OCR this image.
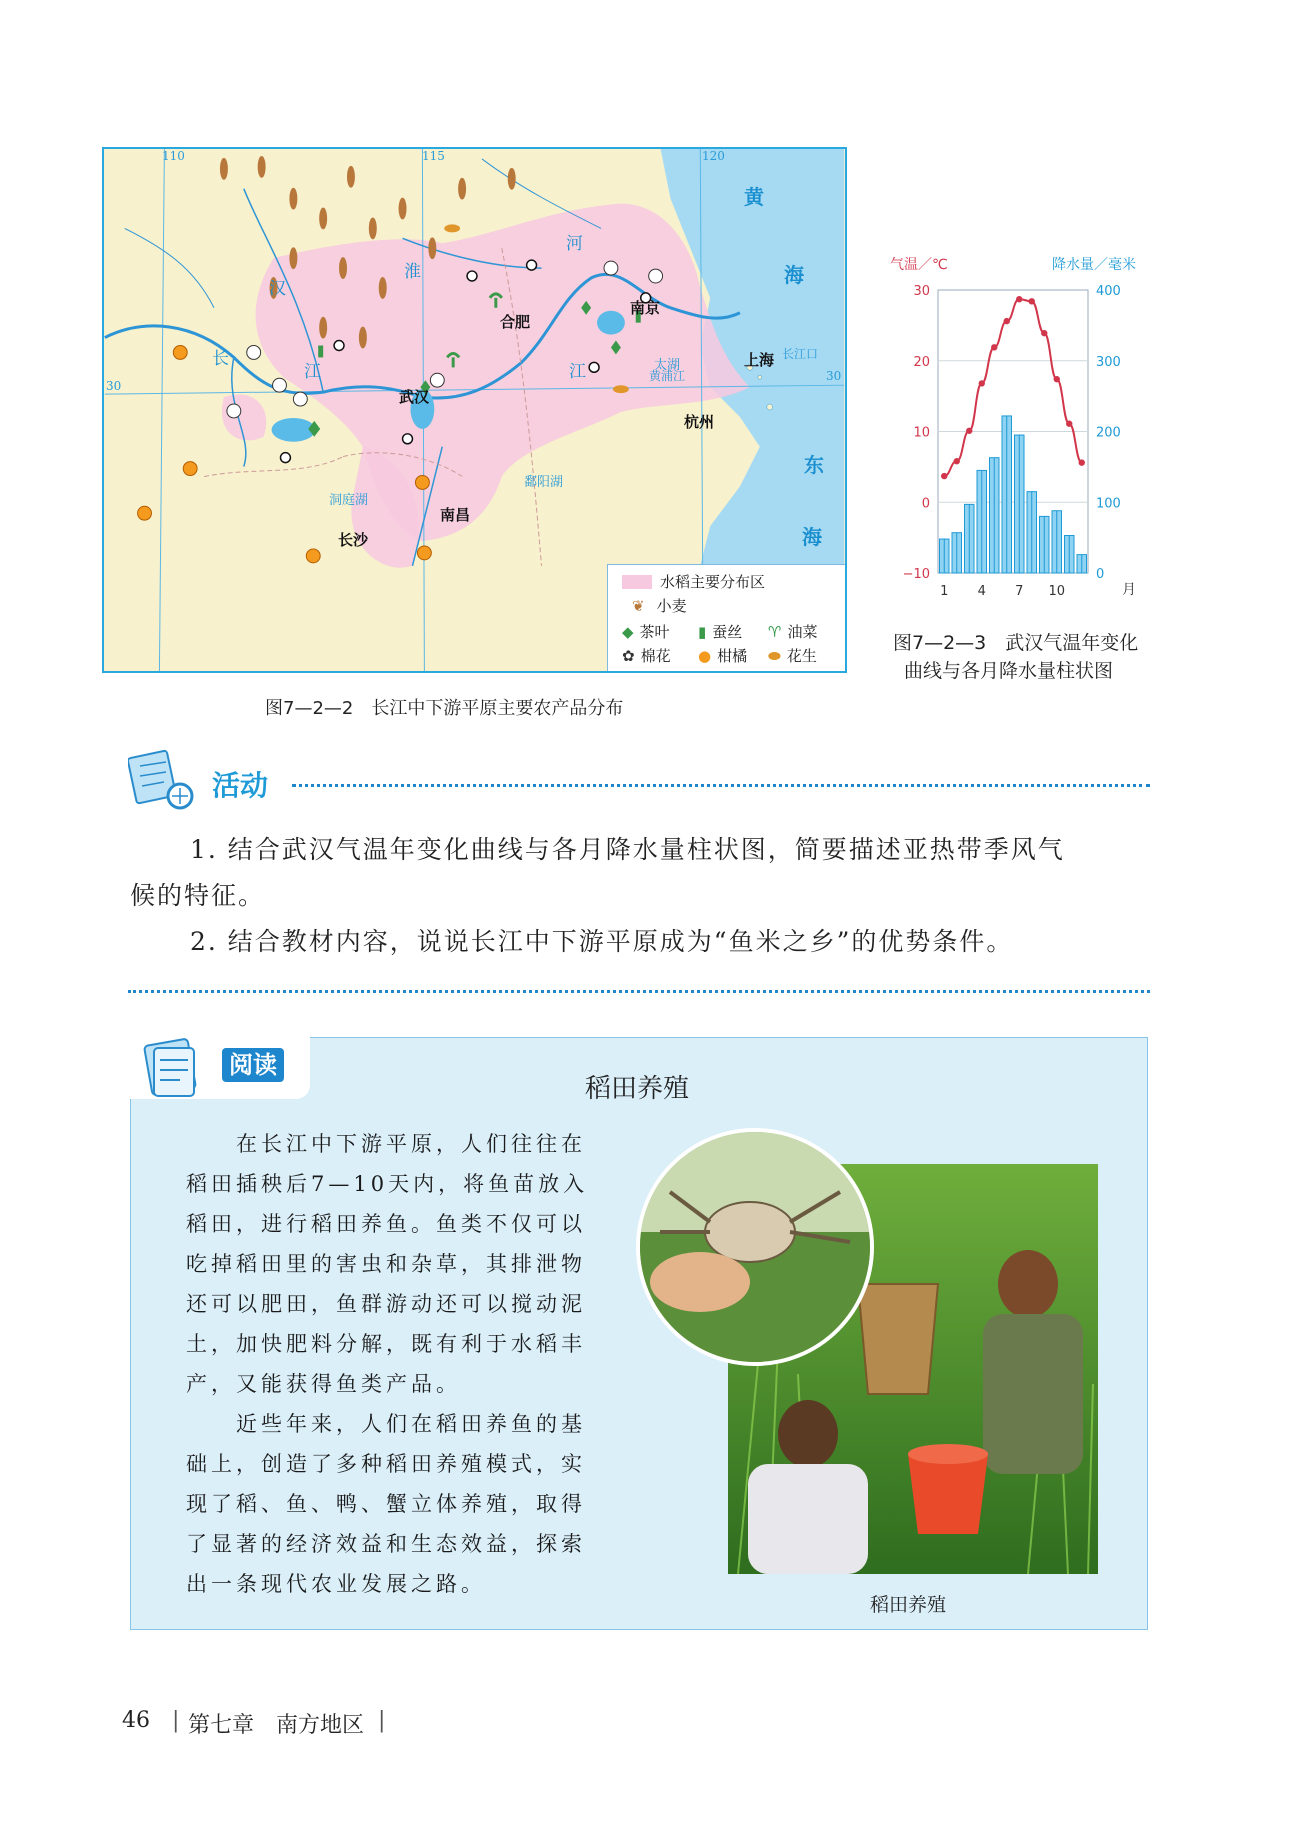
110	115	120
30
30
黄
海
东
海
长
江
汉
江
淮
河
黄浦江
长江口
洞庭湖
鄱阳湖
太湖
合肥
南京
上海
武汉
杭州
南昌
长沙
水稻主要分布区
❦ 小麦
◆ 茶叶 ▮ 蚕丝 ♈ 油菜
✿ 棉花 ● 柑橘 ⬬ 花生
图7—2—2　长江中下游平原主要农产品分布
气温／℃	降水量／毫米
30
20
10
0
−10
400
300
200
100
0
1 4 7 10	月
图7—2—3　武汉气温年变化
曲线与各月降水量柱状图
活动
1. 结合武汉气温年变化曲线与各月降水量柱状图，简要描述亚热带季风气
候的特征。
2. 结合教材内容，说说长江中下游平原成为“鱼米之乡”的优势条件。
阅读
稻田养殖
在长江中下游平原，人们往往在
稻田插秧后7—10天内，将鱼苗放入
稻田，进行稻田养鱼。鱼类不仅可以
吃掉稻田里的害虫和杂草，其排泄物
还可以肥田，鱼群游动还可以搅动泥
土，加快肥料分解，既有利于水稻丰
产，又能获得鱼类产品。
近些年来，人们在稻田养鱼的基
础上，创造了多种稻田养殖模式，实
现了稻、鱼、鸭、蟹立体养殖，取得
了显著的经济效益和生态效益，探索
出一条现代农业发展之路。
稻田养殖
46 | 第七章　南方地区 |
